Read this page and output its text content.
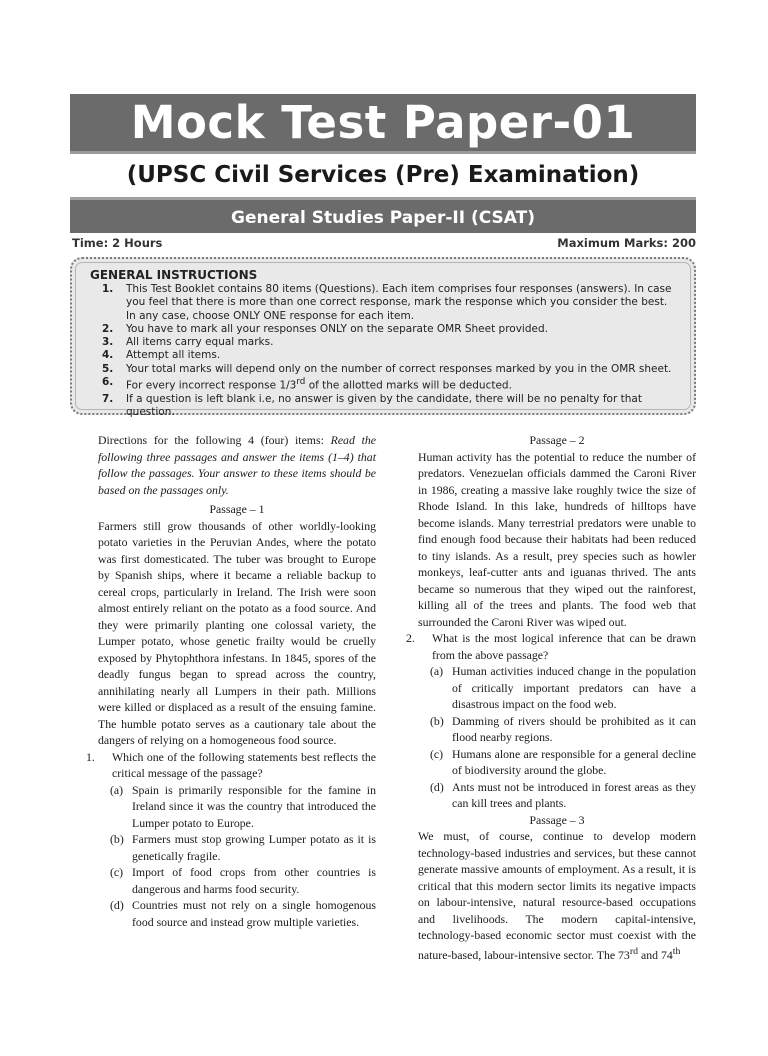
Mock Test Paper-01
(UPSC Civil Services (Pre) Examination)
General Studies Paper-II (CSAT)
Time: 2 Hours	Maximum Marks: 200
GENERAL INSTRUCTIONS
1. This Test Booklet contains 80 items (Questions). Each item comprises four responses (answers). In case you feel that there is more than one correct response, mark the response which you consider the best. In any case, choose ONLY ONE response for each item.
2. You have to mark all your responses ONLY on the separate OMR Sheet provided.
3. All items carry equal marks.
4. Attempt all items.
5. Your total marks will depend only on the number of correct responses marked by you in the OMR sheet.
6. For every incorrect response 1/3rd of the allotted marks will be deducted.
7. If a question is left blank i.e, no answer is given by the candidate, there will be no penalty for that question.

Directions for the following 4 (four) items: Read the following three passages and answer the items (1–4) that follow the passages. Your answer to these items should be based on the passages only.

Passage – 1

Farmers still grow thousands of other worldly-looking potato varieties in the Peruvian Andes, where the potato was first domesticated. The tuber was brought to Europe by Spanish ships, where it became a reliable backup to cereal crops, particularly in Ireland. The Irish were soon almost entirely reliant on the potato as a food source. And they were primarily planting one colossal variety, the Lumper potato, whose genetic frailty would be cruelly exposed by Phytophthora infestans. In 1845, spores of the deadly fungus began to spread across the country, annihilating nearly all Lumpers in their path. Millions were killed or displaced as a result of the ensuing famine. The humble potato serves as a cautionary tale about the dangers of relying on a homogeneous food source.

1. Which one of the following statements best reflects the critical message of the passage?

(a) Spain is primarily responsible for the famine in Ireland since it was the country that introduced the Lumper potato to Europe.
(b) Farmers must stop growing Lumper potato as it is genetically fragile.
(c) Import of food crops from other countries is dangerous and harms food security.
(d) Countries must not rely on a single homogenous food source and instead grow multiple varieties.

Passage – 2

Human activity has the potential to reduce the number of predators. Venezuelan officials dammed the Caroni River in 1986, creating a massive lake roughly twice the size of Rhode Island. In this lake, hundreds of hilltops have become islands. Many terrestrial predators were unable to find enough food because their habitats had been reduced to tiny islands. As a result, prey species such as howler monkeys, leaf-cutter ants and iguanas thrived. The ants became so numerous that they wiped out the rainforest, killing all of the trees and plants. The food web that surrounded the Caroni River was wiped out.

2. What is the most logical inference that can be drawn from the above passage?

(a) Human activities induced change in the population of critically important predators can have a disastrous impact on the food web.
(b) Damming of rivers should be prohibited as it can flood nearby regions.
(c) Humans alone are responsible for a general decline of biodiversity around the globe.
(d) Ants must not be introduced in forest areas as they can kill trees and plants.

Passage – 3

We must, of course, continue to develop modern technology-based industries and services, but these cannot generate massive amounts of employment. As a result, it is critical that this modern sector limits its negative impacts on labour-intensive, natural resource-based occupations and livelihoods. The modern capital-intensive, technology-based economic sector must coexist with the nature-based, labour-intensive sector. The 73rd and 74th
